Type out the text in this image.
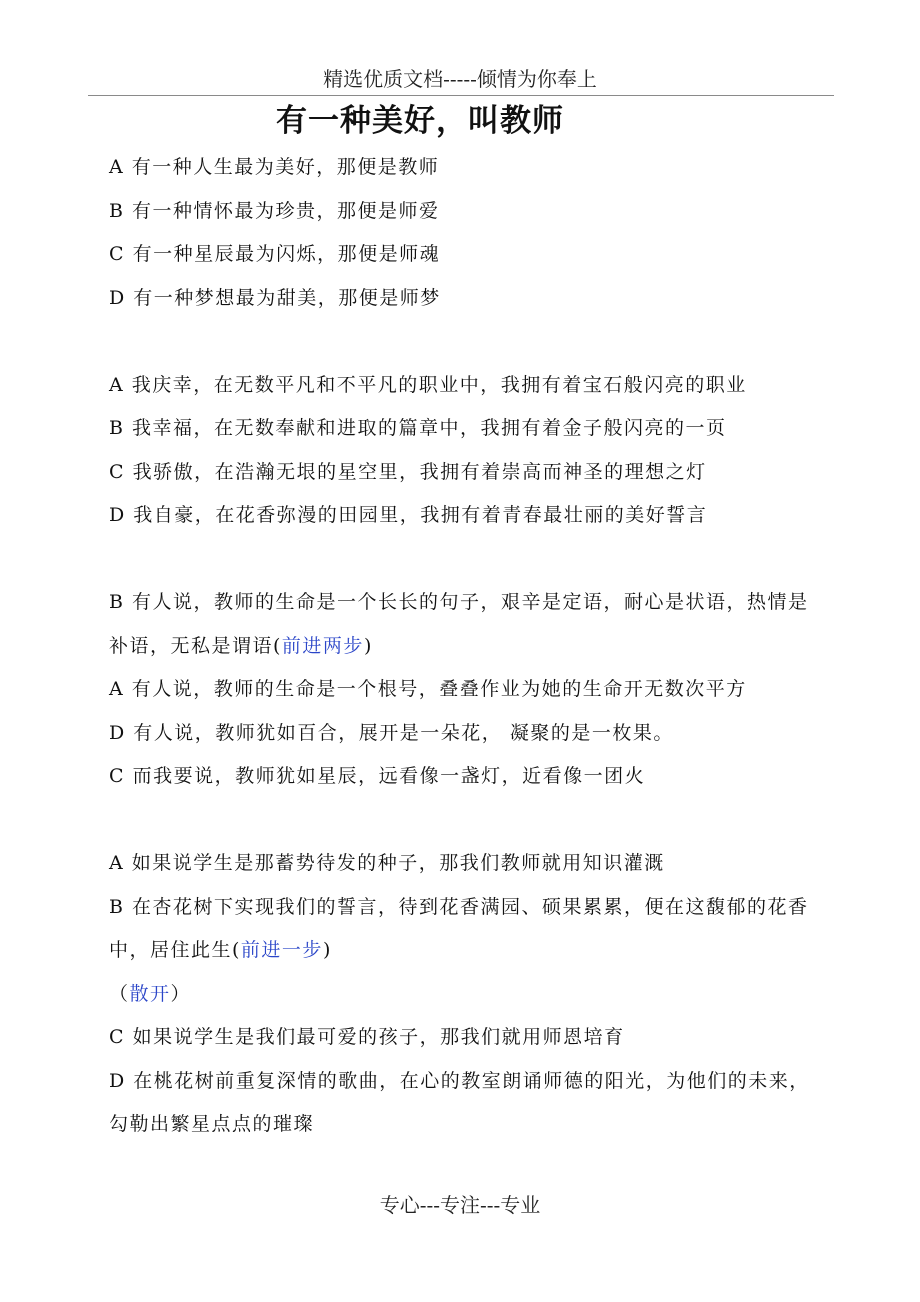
精选优质文档-----倾情为你奉上
有一种美好，叫教师
A 有一种人生最为美好，那便是教师
B 有一种情怀最为珍贵，那便是师爱
C 有一种星辰最为闪烁，那便是师魂
D 有一种梦想最为甜美，那便是师梦
A 我庆幸，在无数平凡和不平凡的职业中，我拥有着宝石般闪亮的职业
B 我幸福，在无数奉献和进取的篇章中，我拥有着金子般闪亮的一页
C 我骄傲，在浩瀚无垠的星空里，我拥有着崇高而神圣的理想之灯
D 我自豪，在花香弥漫的田园里，我拥有着青春最壮丽的美好誓言
B 有人说，教师的生命是一个长长的句子，艰辛是定语，耐心是状语，热情是
补语，无私是谓语(前进两步)
A 有人说，教师的生命是一个根号，叠叠作业为她的生命开无数次平方
D 有人说，教师犹如百合，展开是一朵花， 凝聚的是一枚果。
C 而我要说，教师犹如星辰，远看像一盏灯，近看像一团火
A 如果说学生是那蓄势待发的种子，那我们教师就用知识灌溉
B 在杏花树下实现我们的誓言，待到花香满园、硕果累累，便在这馥郁的花香
中，居住此生(前进一步)
（散开）
C 如果说学生是我们最可爱的孩子，那我们就用师恩培育
D 在桃花树前重复深情的歌曲，在心的教室朗诵师德的阳光，为他们的未来，
勾勒出繁星点点的璀璨
专心---专注---专业
